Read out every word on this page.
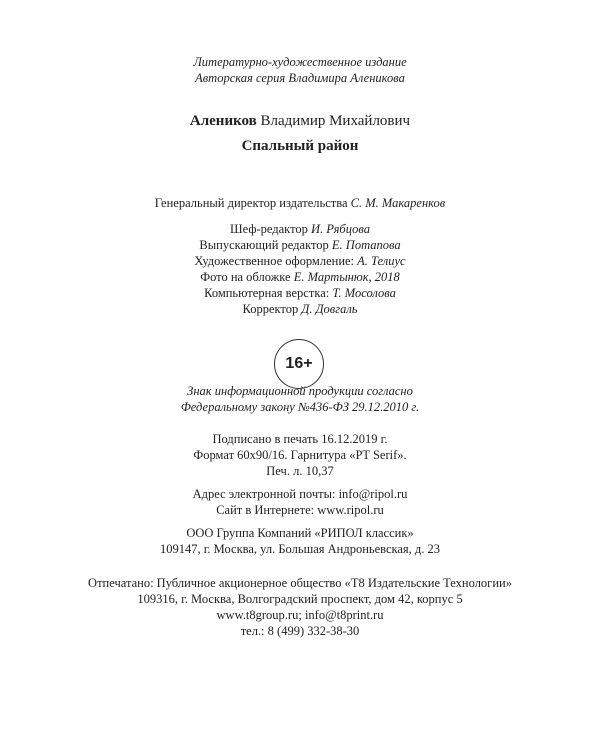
Литературно-художественное издание
Авторская серия Владимира Аленикова
Алеников Владимир Михайлович
Спальный район
Генеральный директор издательства С. М. Макаренков
Шеф-редактор И. Рябцова
Выпускающий редактор Е. Потапова
Художественное оформление: А. Телиус
Фото на обложке Е. Мартынюк, 2018
Компьютерная верстка: Т. Мосолова
Корректор Д. Довгаль
16+
Знак информационной продукции согласно
Федеральному закону №436-ФЗ 29.12.2010 г.
Подписано в печать 16.12.2019 г.
Формат 60x90/16. Гарнитура «PT Serif».
Печ. л. 10,37
Адрес электронной почты: info@ripol.ru
Сайт в Интернете: www.ripol.ru
ООО Группа Компаний «РИПОЛ классик»
109147, г. Москва, ул. Большая Андроньевская, д. 23
Отпечатано: Публичное акционерное общество «Т8 Издательские Технологии»
109316, г. Москва, Волгоградский проспект, дом 42, корпус 5
www.t8group.ru; info@t8print.ru
тел.: 8 (499) 332-38-30
